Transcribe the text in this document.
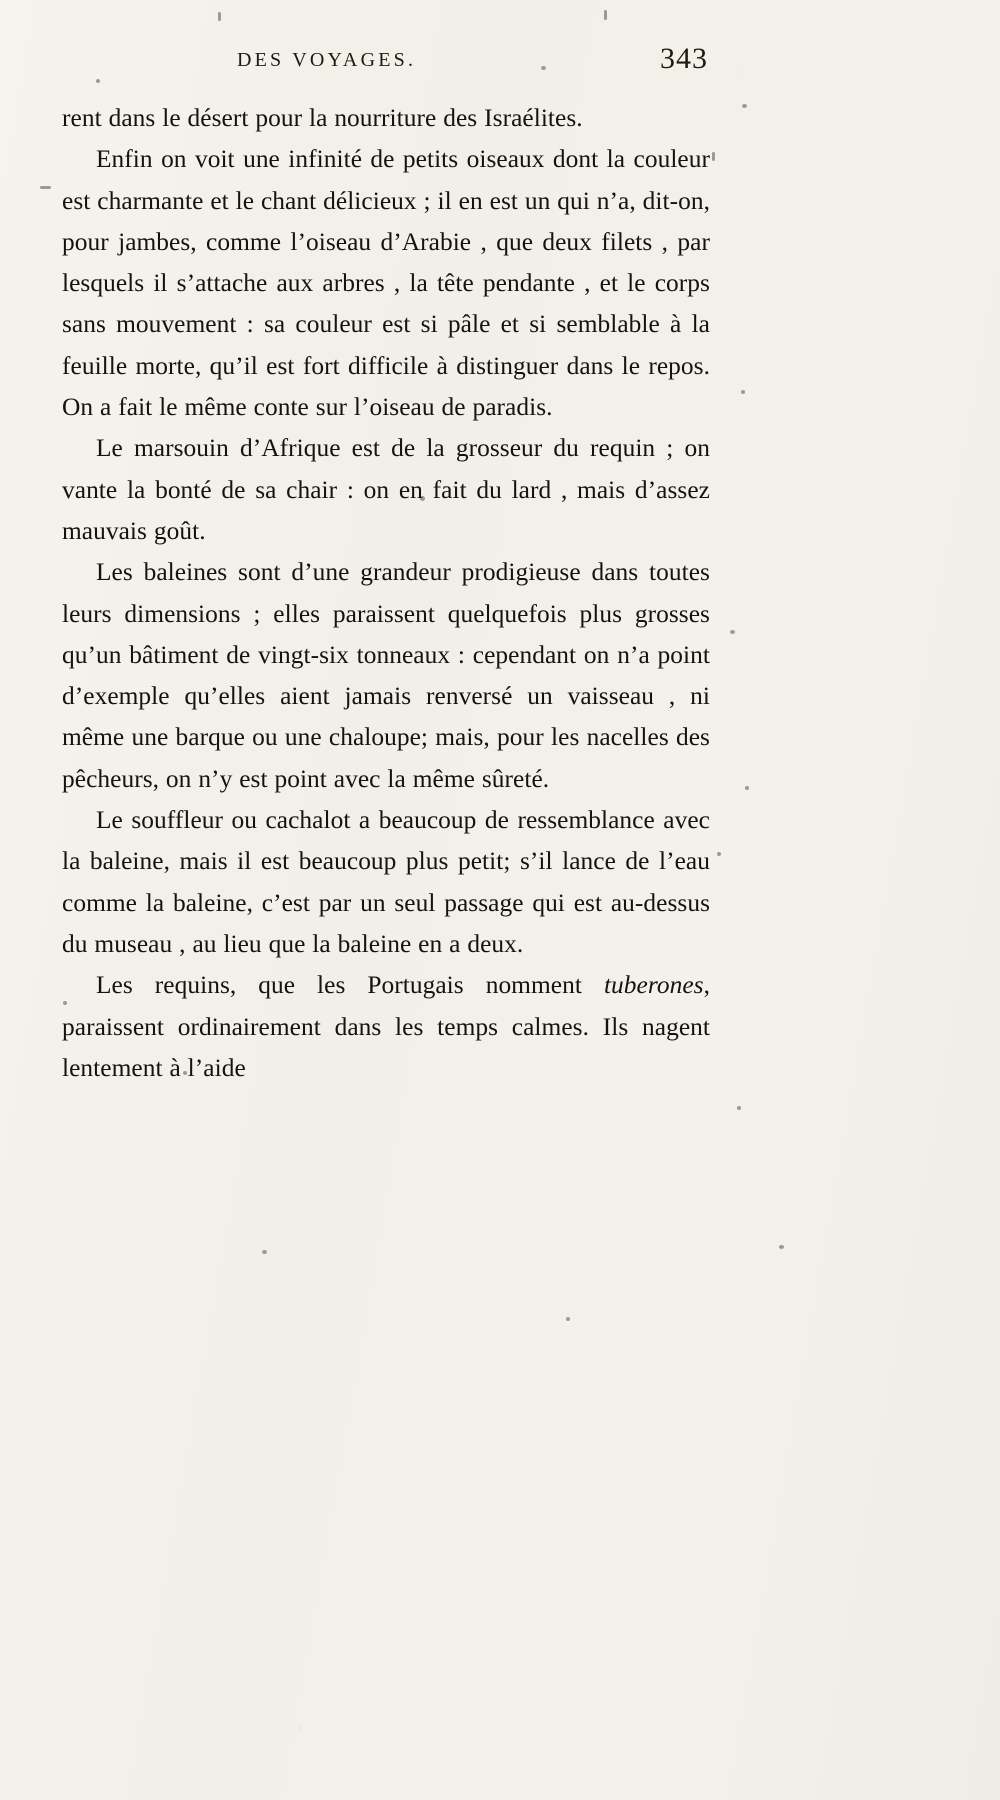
DES VOYAGES.	343

rent dans le désert pour la nourriture des Israélites.

Enfin on voit une infinité de petits oiseaux dont la couleur est charmante et le chant délicieux ; il en est un qui n’a, dit-on, pour jambes, comme l’oiseau d’Arabie , que deux filets , par lesquels il s’attache aux arbres , la tête pendante , et le corps sans mouvement : sa couleur est si pâle et si semblable à la feuille morte, qu’il est fort difficile à distinguer dans le repos. On a fait le même conte sur l’oiseau de paradis.

Le marsouin d’Afrique est de la grosseur du requin ; on vante la bonté de sa chair : on en fait du lard , mais d’assez mauvais goût.

Les baleines sont d’une grandeur prodigieuse dans toutes leurs dimensions ; elles paraissent quelquefois plus grosses qu’un bâtiment de vingt-six tonneaux : cependant on n’a point d’exemple qu’elles aient jamais renversé un vaisseau , ni même une barque ou une chaloupe; mais, pour les nacelles des pêcheurs, on n’y est point avec la même sûreté.

Le souffleur ou cachalot a beaucoup de ressemblance avec la baleine, mais il est beaucoup plus petit; s’il lance de l’eau comme la baleine, c’est par un seul passage qui est au-dessus du museau , au lieu que la baleine en a deux.

Les requins, que les Portugais nomment tuberones, paraissent ordinairement dans les temps calmes. Ils nagent lentement à l’aide
